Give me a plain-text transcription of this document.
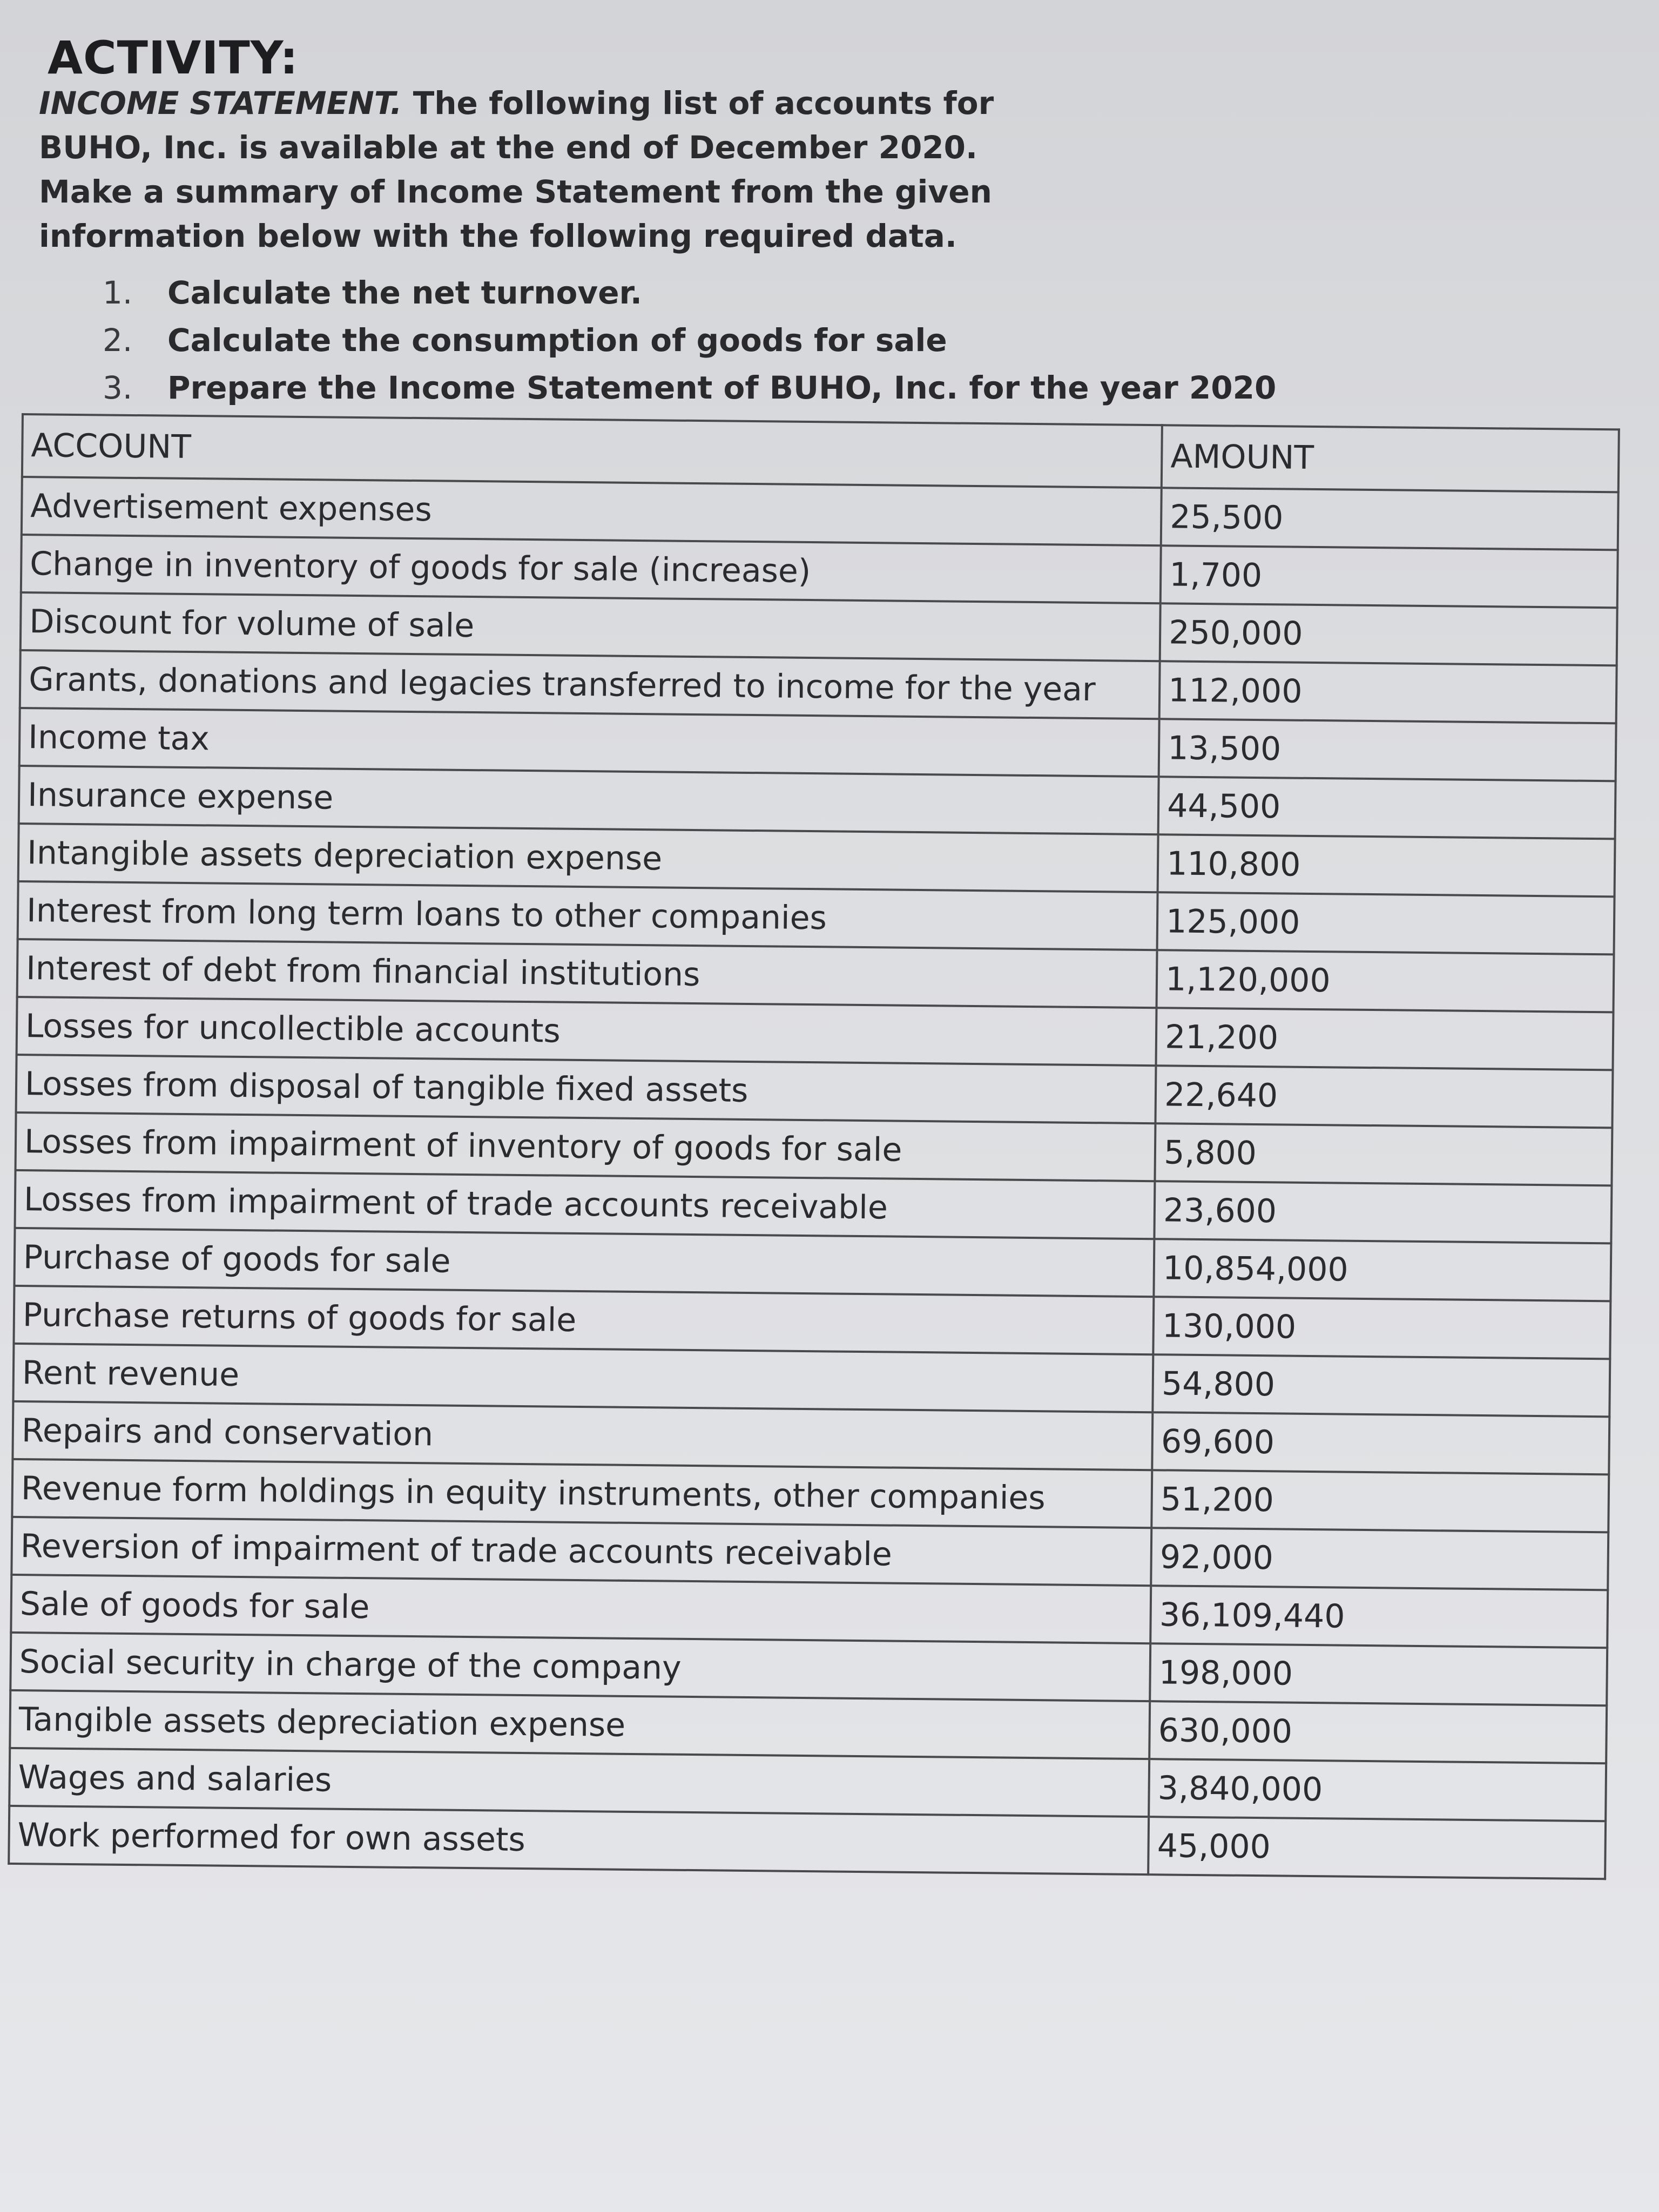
ACTIVITY:
INCOME STATEMENT. The following list of accounts for BUHO, Inc. is available at the end of December 2020. Make a summary of Income Statement from the given information below with the following required data.
1.	Calculate the net turnover.
2.	Calculate the consumption of goods for sale
3.	Prepare the Income Statement of BUHO, Inc. for the year 2020
ACCOUNT	AMOUNT
Advertisement expenses	25,500
Change in inventory of goods for sale (increase)	1,700
Discount for volume of sale	250,000
Grants, donations and legacies transferred to income for the year	112,000
Income tax	13,500
Insurance expense	44,500
Intangible assets depreciation expense	110,800
Interest from long term loans to other companies	125,000
Interest of debt from financial institutions	1,120,000
Losses for uncollectible accounts	21,200
Losses from disposal of tangible fixed assets	22,640
Losses from impairment of inventory of goods for sale	5,800
Losses from impairment of trade accounts receivable	23,600
Purchase of goods for sale	10,854,000
Purchase returns of goods for sale	130,000
Rent revenue	54,800
Repairs and conservation	69,600
Revenue form holdings in equity instruments, other companies	51,200
Reversion of impairment of trade accounts receivable	92,000
Sale of goods for sale	36,109,440
Social security in charge of the company	198,000
Tangible assets depreciation expense	630,000
Wages and salaries	3,840,000
Work performed for own assets	45,000
